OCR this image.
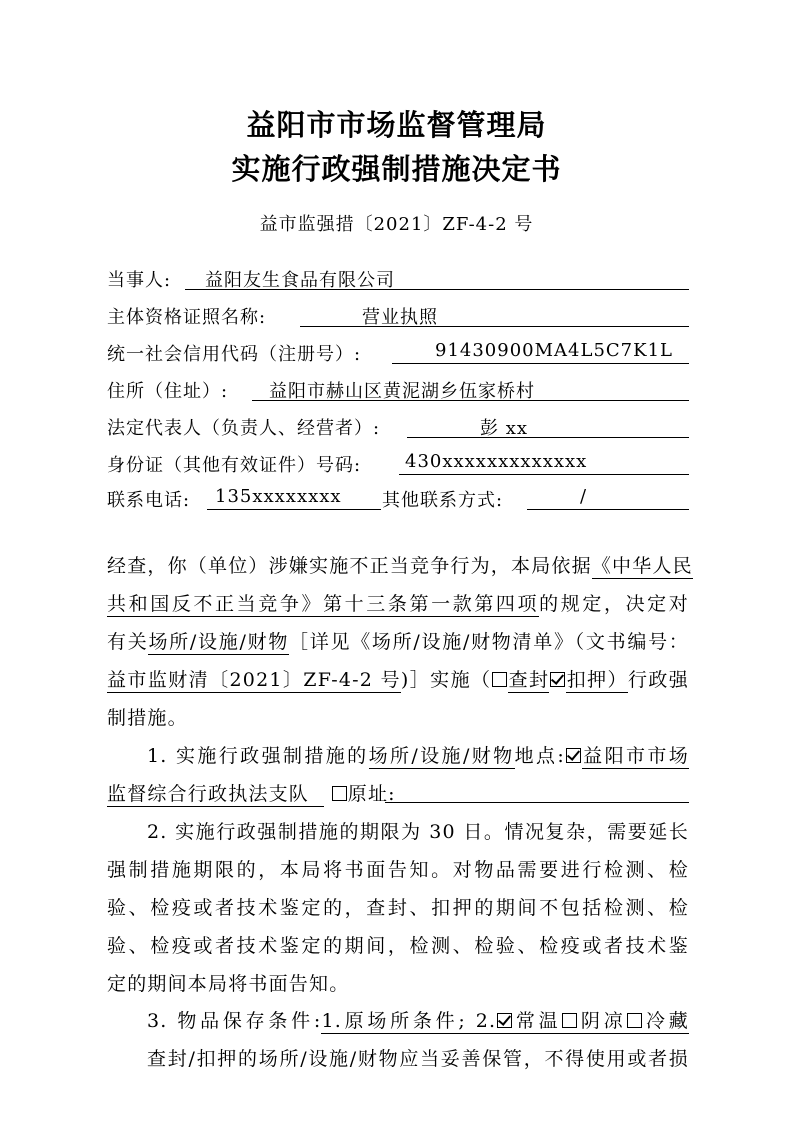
益阳市市场监督管理局
实施行政强制措施决定书
益市监强措〔2021〕ZF-4-2 号
当事人: 益阳友生食品有限公司
主体资格证照名称:	营业执照
统一社会信用代码（注册号）:	91430900MA4L5C7K1L
住所（住址）: 益阳市赫山区黄泥湖乡伍家桥村
法定代表人（负责人、经营者）:	彭 xx
身份证（其他有效证件）号码: 430xxxxxxxxxxxxx
联系电话: 135xxxxxxxx 其他联系方式:	/
经查，你（单位）涉嫌实施不正当竞争行为，本局依据《中华人民
共和国反不正当竞争》第十三条第一款第四项的规定，决定对
有关场所/设施/财物［详见《场所/设施/财物清单》（文书编号：
益市监财清〔2021〕ZF-4-2 号)］实施（ 查封 扣押）行政强
制措施。
1. 实施行政强制措施的场所/设施/财物地点: 益阳市市场
监督综合行政执法支队 原址:
2. 实施行政强制措施的期限为 30 日。情况复杂，需要延长
强制措施期限的，本局将书面告知。对物品需要进行检测、检
验、检疫或者技术鉴定的，查封、扣押的期间不包括检测、检
验、检疫或者技术鉴定的期间，检测、检验、检疫或者技术鉴
定的期间本局将书面告知。
3. 物品保存条件:1.原场所条件; 2. 常温 阴凉 冷藏
查封/扣押的场所/设施/财物应当妥善保管，不得使用或者损
